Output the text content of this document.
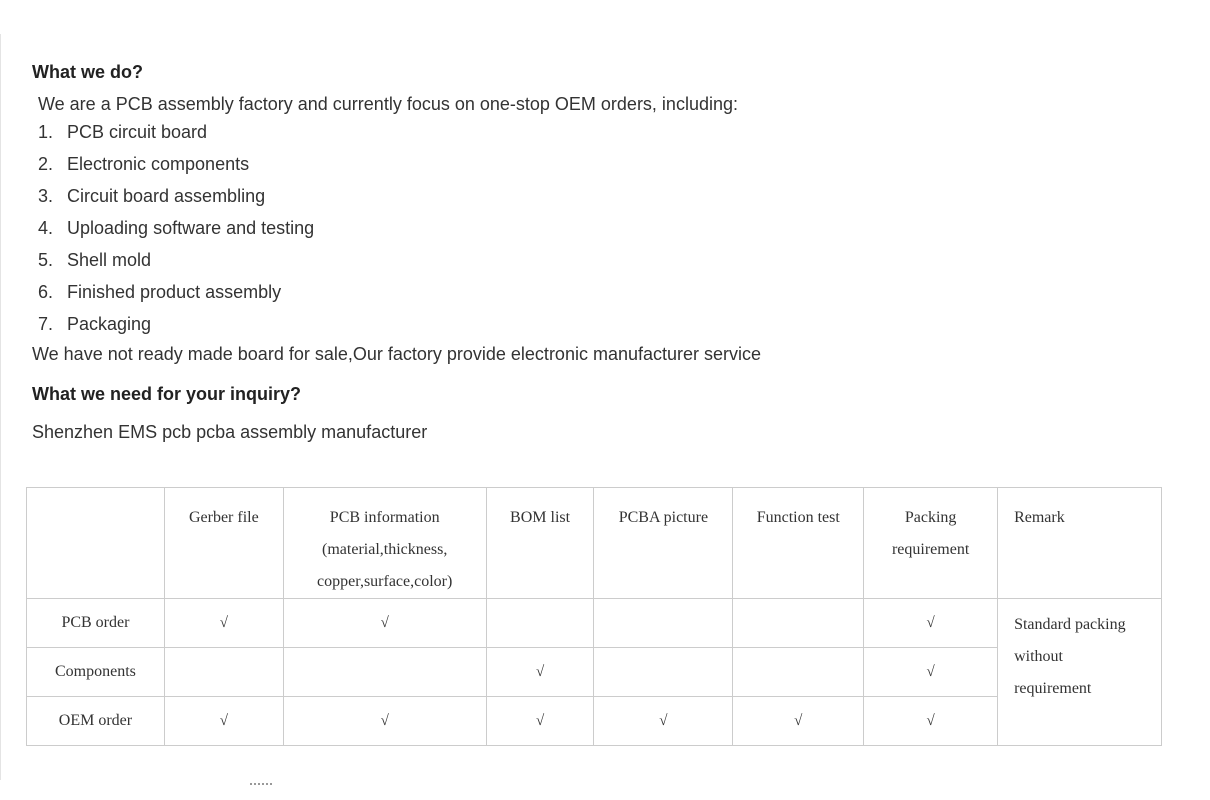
What we do?

We are a PCB assembly factory and currently focus on one-stop OEM orders, including:

1. PCB circuit board
2. Electronic components
3. Circuit board assembling
4. Uploading software and testing
5. Shell mold
6. Finished product assembly
7. Packaging

We have not ready made board for sale,Our factory provide electronic manufacturer service

What we need for your inquiry?

Shenzhen EMS pcb pcba assembly manufacturer

	Gerber file	PCB information
(material,thickness,
copper,surface,color)	BOM list	PCBA picture	Function test	Packing
requirement	Remark
PCB order	√	√				√	Standard packing
without
requirement

Components			√			√	
OEM order	√	√	√	√	√	√	
